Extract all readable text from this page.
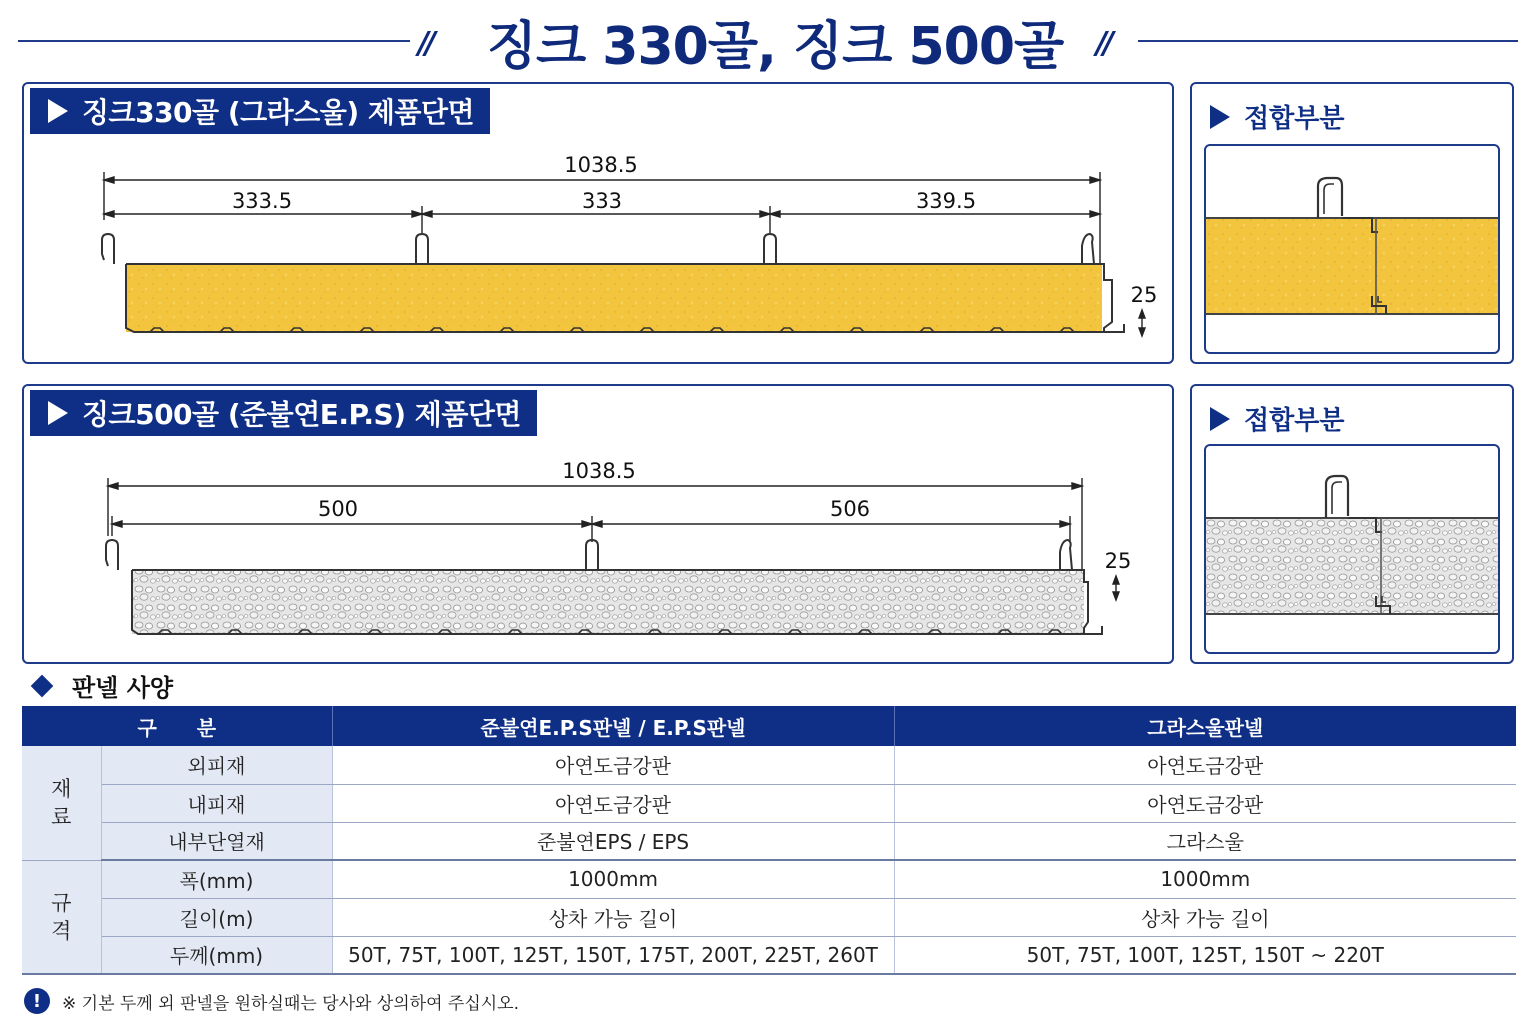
//	징크 330골, 징크 500골	//
징크330골 (그라스울) 제품단면
1038.5
333.5	333	339.5
25
접합부분
징크500골 (준불연E.P.S) 제품단면
1038.5
500	506
25
접합부분
판넬 사양
구　　분		준불연E.P.S판넬 / E.P.S판넬	그라스울판넬

재
료	외피재	아연도금강판	아연도금강판
	내피재	아연도금강판	아연도금강판
	내부단열재	준불연EPS / EPS	그라스울

규
격	폭(mm)	1000mm	1000mm
	길이(m)	상차 가능 길이	상차 가능 길이
	두께(mm)	50T, 75T, 100T, 125T, 150T, 175T, 200T, 225T, 260T	50T, 75T, 100T, 125T, 150T ~ 220T
!	※ 기본 두께 외 판넬을 원하실때는 당사와 상의하여 주십시오.
